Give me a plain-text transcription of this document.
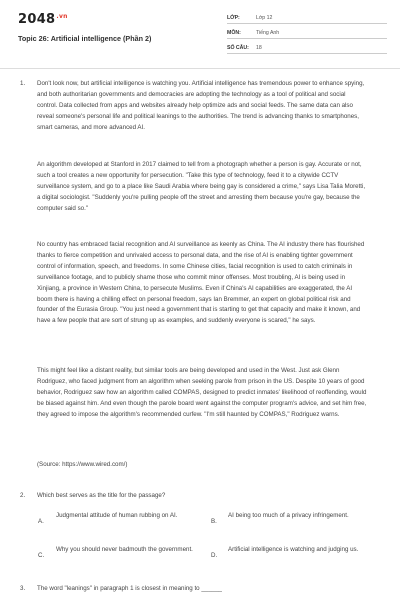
$2048^{.vn}$
Topic 26: Artificial intelligence (Phần 2)
LỚP:	Lớp 12
MÔN:	Tiếng Anh
SỐ CÂU:	18
1. Don't look now, but artificial intelligence is watching you. Artificial intelligence has tremendous power to enhance spying, and both authoritarian governments and democracies are adopting the technology as a tool of political and social control. Data collected from apps and websites already help optimize ads and social feeds. The same data can also reveal someone's personal life and political leanings to the authorities. The trend is advancing thanks to smartphones, smart cameras, and more advanced AI.

An algorithm developed at Stanford in 2017 claimed to tell from a photograph whether a person is gay. Accurate or not, such a tool creates a new opportunity for persecution. "Take this type of technology, feed it to a citywide CCTV surveillance system, and go to a place like Saudi Arabia where being gay is considered a crime," says Lisa Talia Moretti, a digital sociologist. "Suddenly you're pulling people off the street and arresting them because you're gay, because the computer said so."

No country has embraced facial recognition and AI surveillance as keenly as China. The AI industry there has flourished thanks to fierce competition and unrivaled access to personal data, and the rise of AI is enabling tighter government control of information, speech, and freedoms. In some Chinese cities, facial recognition is used to catch criminals in surveillance footage, and to publicly shame those who commit minor offenses. Most troubling, AI is being used in Xinjiang, a province in Western China, to persecute Muslims. Even if China's AI capabilities are exaggerated, the AI boom there is having a chilling effect on personal freedom, says Ian Bremmer, an expert on global political risk and founder of the Eurasia Group. "You just need a government that is starting to get that capacity and make it known, and have a few people that are sort of strung up as examples, and suddenly everyone is scared," he says.

This might feel like a distant reality, but similar tools are being developed and used in the West. Just ask Glenn Rodriguez, who faced judgment from an algorithm when seeking parole from prison in the US. Despite 10 years of good behavior, Rodriguez saw how an algorithm called COMPAS, designed to predict inmates' likelihood of reoffending, would be biased against him. And even though the parole board went against the computer program's advice, and set him free, they agreed to impose the algorithm's recommended curfew. "I'm still haunted by COMPAS," Rodriguez warns.

(Source: https://www.wired.com/)

2. Which best serves as the title for the passage?

A.

Judgmental attitude of human rubbing on AI.

B.

AI being too much of a privacy infringement.

C.

Why you should never badmouth the government.

D.

Artificial intelligence is watching and judging us.

3. The word "leanings" in paragraph 1 is closest in meaning to ______
